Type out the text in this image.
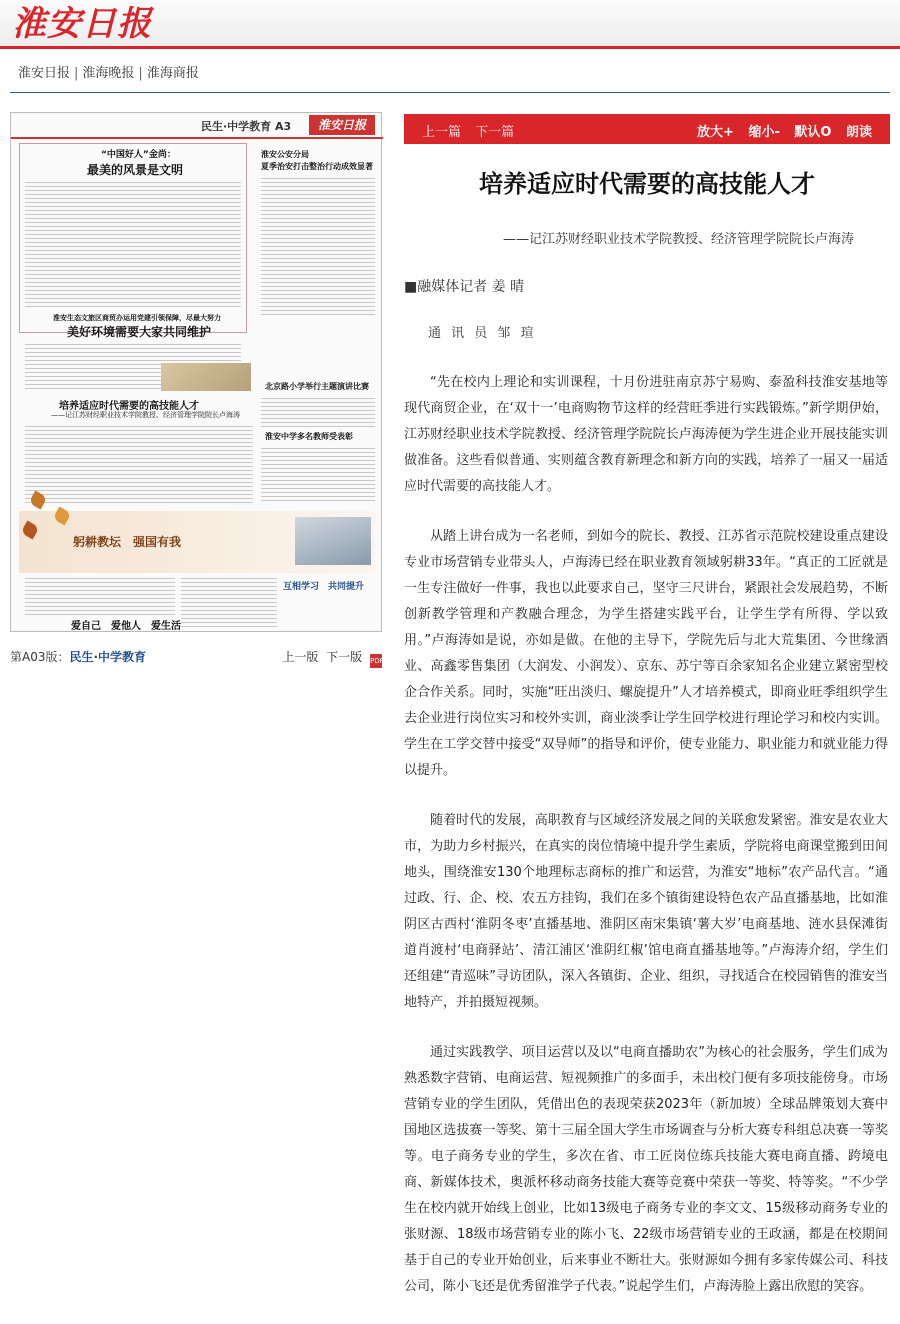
淮安日报
淮安日报 | 淮海晚报 | 淮海商报
民生·中学教育 A3	淮安日报
“中国好人”金尚：
最美的风景是文明
淮安生态文旅区商贸办运用党建引领保障，尽最大努力
美好环境需要大家共同维护
培养适应时代需要的高技能人才
——记江苏财经职业技术学院教授、经济管理学院院长卢海涛
淮安公安分局
夏季治安打击整治行动成效显著
北京路小学举行主题演讲比赛
淮安中学多名教师受表彰
躬耕教坛　强国有我
爱自己　爱他人　爱生活
互相学习　共同提升
第A03版：民生·中学教育	上一版 下一版 PDF
上一篇 下一篇	放大+ 缩小- 默认O 朗读
培养适应时代需要的高技能人才
——记江苏财经职业技术学院教授、经济管理学院院长卢海涛
■融媒体记者 姜 晴
通 讯 员 邹 瑄

“先在校内上理论和实训课程，十月份进驻南京苏宁易购、泰盈科技淮安基地等现代商贸企业，在‘双十一’电商购物节这样的经营旺季进行实践锻炼。”新学期伊始，江苏财经职业技术学院教授、经济管理学院院长卢海涛便为学生进企业开展技能实训做准备。这些看似普通、实则蕴含教育新理念和新方向的实践，培养了一届又一届适应时代需要的高技能人才。

从踏上讲台成为一名老师，到如今的院长、教授、江苏省示范院校建设重点建设专业市场营销专业带头人，卢海涛已经在职业教育领域躬耕33年。“真正的工匠就是一生专注做好一件事，我也以此要求自己，坚守三尺讲台，紧跟社会发展趋势，不断创新教学管理和产教融合理念，为学生搭建实践平台，让学生学有所得、学以致用。”卢海涛如是说，亦如是做。在他的主导下，学院先后与北大荒集团、今世缘酒业、高鑫零售集团（大润发、小润发）、京东、苏宁等百余家知名企业建立紧密型校企合作关系。同时，实施“旺出淡归、螺旋提升”人才培养模式，即商业旺季组织学生去企业进行岗位实习和校外实训，商业淡季让学生回学校进行理论学习和校内实训。学生在工学交替中接受“双导师”的指导和评价，使专业能力、职业能力和就业能力得以提升。

随着时代的发展，高职教育与区域经济发展之间的关联愈发紧密。淮安是农业大市，为助力乡村振兴，在真实的岗位情境中提升学生素质，学院将电商课堂搬到田间地头，围绕淮安130个地理标志商标的推广和运营，为淮安“地标”农产品代言。“通过政、行、企、校、农五方挂钩，我们在多个镇街建设特色农产品直播基地，比如淮阴区古西村‘淮阴冬枣’直播基地、淮阴区南宋集镇‘薯大岁’电商基地、涟水县保滩街道肖渡村‘电商驿站’、清江浦区‘淮阴红椒’馆电商直播基地等。”卢海涛介绍，学生们还组建“青巡味”寻访团队，深入各镇街、企业、组织，寻找适合在校园销售的淮安当地特产，并拍摄短视频。

通过实践教学、项目运营以及以“电商直播助农”为核心的社会服务，学生们成为熟悉数字营销、电商运营、短视频推广的多面手，未出校门便有多项技能傍身。市场营销专业的学生团队，凭借出色的表现荣获2023年（新加坡）全球品牌策划大赛中国地区选拔赛一等奖、第十三届全国大学生市场调查与分析大赛专科组总决赛一等奖等。电子商务专业的学生，多次在省、市工匠岗位练兵技能大赛电商直播、跨境电商、新媒体技术，奥派杯移动商务技能大赛等竞赛中荣获一等奖、特等奖。“不少学生在校内就开始线上创业，比如13级电子商务专业的李文文、15级移动商务专业的张财源、18级市场营销专业的陈小飞、22级市场营销专业的王政涵，都是在校期间基于自己的专业开始创业，后来事业不断壮大。张财源如今拥有多家传媒公司、科技公司，陈小飞还是优秀留淮学子代表。”说起学生们，卢海涛脸上露出欣慰的笑容。
